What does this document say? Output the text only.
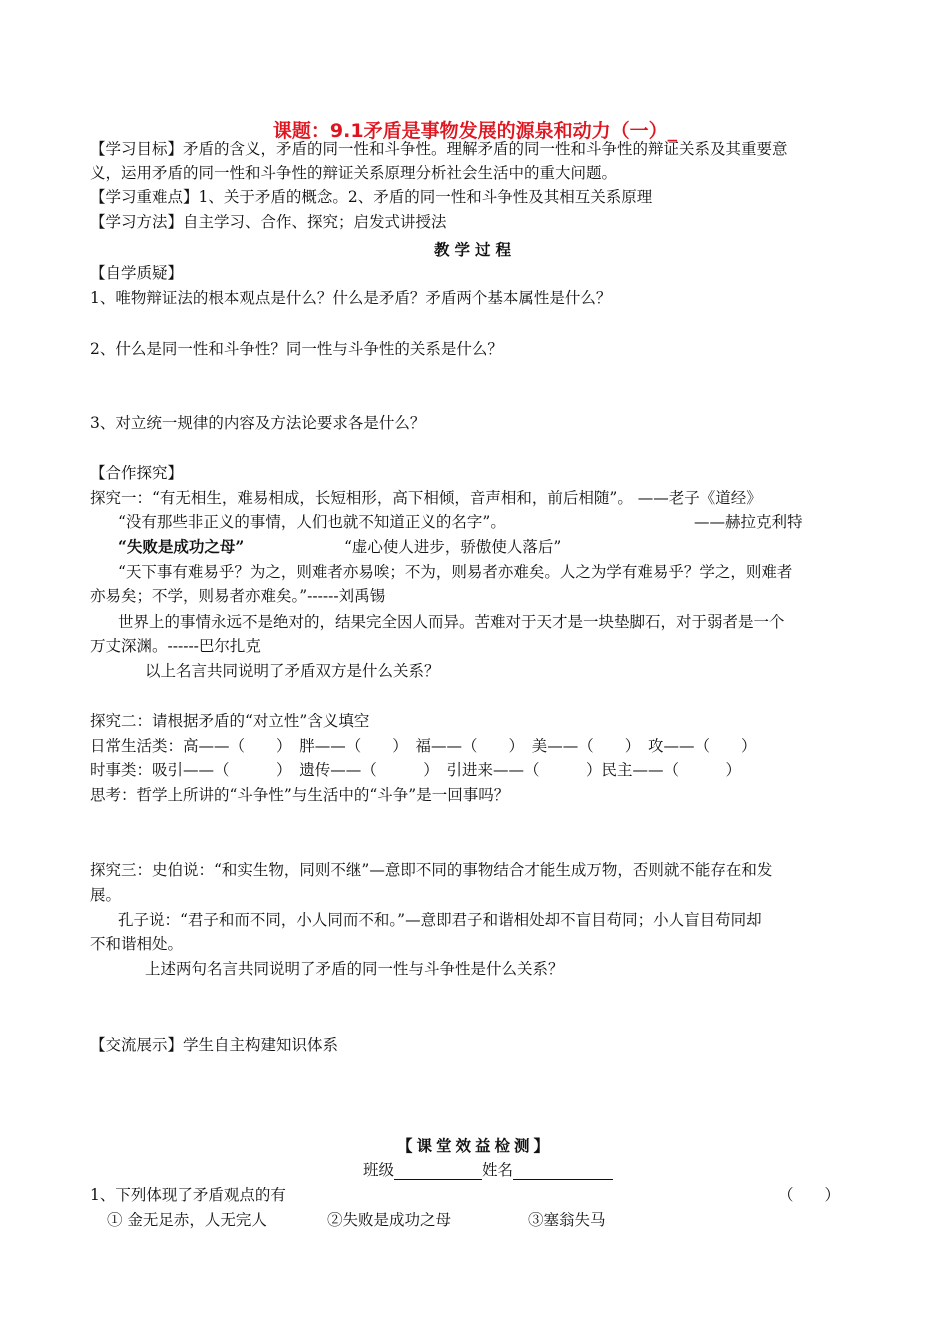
课题：9.1矛盾是事物发展的源泉和动力（一）_
【学习目标】矛盾的含义，矛盾的同一性和斗争性。理解矛盾的同一性和斗争性的辩证关系及其重要意
义，运用矛盾的同一性和斗争性的辩证关系原理分析社会生活中的重大问题。
【学习重难点】1、关于矛盾的概念。2、矛盾的同一性和斗争性及其相互关系原理
【学习方法】自主学习、合作、探究；启发式讲授法
教学过程
【自学质疑】
1、唯物辩证法的根本观点是什么？什么是矛盾？矛盾两个基本属性是什么？
2、什么是同一性和斗争性？同一性与斗争性的关系是什么？
3、对立统一规律的内容及方法论要求各是什么？
【合作探究】
探究一：“有无相生，难易相成，长短相形，高下相倾，音声相和，前后相随”。 ——老子《道经》
“没有那些非正义的事情，人们也就不知道正义的名字”。	——赫拉克利特
“失败是成功之母”	“虚心使人进步，骄傲使人落后”
“天下事有难易乎？为之，则难者亦易唉；不为，则易者亦难矣。人之为学有难易乎？学之，则难者
亦易矣；不学，则易者亦难矣。”------刘禹锡
世界上的事情永远不是绝对的，结果完全因人而异。苦难对于天才是一块垫脚石，对于弱者是一个
万丈深渊。------巴尔扎克
以上名言共同说明了矛盾双方是什么关系？
探究二：请根据矛盾的“对立性”含义填空
日常生活类：高——（　　）　胖——（　　）　福——（　　）　美——（　　）　攻——（　　）
时事类：吸引——（　　　）　遗传——（　　　）　引进来——（　　　）民主——（　　　）
思考：哲学上所讲的“斗争性”与生活中的“斗争”是一回事吗？
探究三：史伯说：“和实生物，同则不继”—意即不同的事物结合才能生成万物，否则就不能存在和发
展。
孔子说：“君子和而不同，小人同而不和。”—意即君子和谐相处却不盲目苟同；小人盲目苟同却
不和谐相处。
上述两句名言共同说明了矛盾的同一性与斗争性是什么关系？
【交流展示】学生自主构建知识体系
【课堂效益检测】
班级	姓名
1、下列体现了矛盾观点的有	（　　）
① 金无足赤，人无完人	②失败是成功之母	③塞翁失马
